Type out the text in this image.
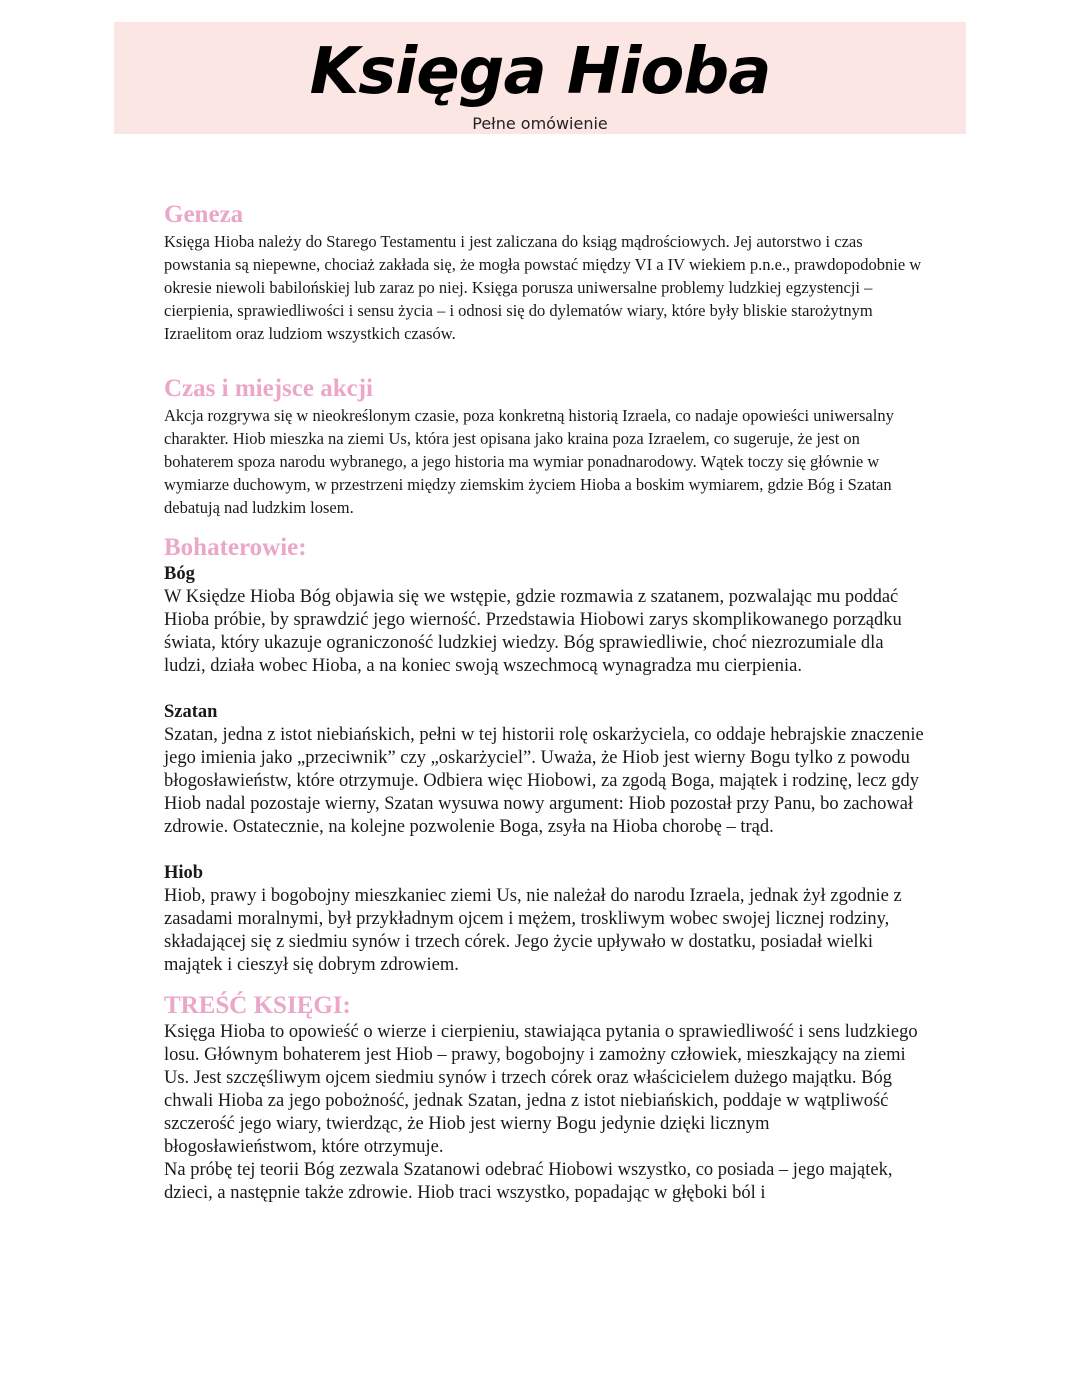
Księga Hioba
Pełne omówienie
Geneza

Księga Hioba należy do Starego Testamentu i jest zaliczana do ksiąg mądrościowych. Jej autorstwo i czas powstania są niepewne, chociaż zakłada się, że mogła powstać między VI a IV wiekiem p.n.e., prawdopodobnie w okresie niewoli babilońskiej lub zaraz po niej. Księga porusza uniwersalne problemy ludzkiej egzystencji – cierpienia, sprawiedliwości i sensu życia – i odnosi się do dylematów wiary, które były bliskie starożytnym Izraelitom oraz ludziom wszystkich czasów.

Czas i miejsce akcji

Akcja rozgrywa się w nieokreślonym czasie, poza konkretną historią Izraela, co nadaje opowieści uniwersalny charakter. Hiob mieszka na ziemi Us, która jest opisana jako kraina poza Izraelem, co sugeruje, że jest on bohaterem spoza narodu wybranego, a jego historia ma wymiar ponadnarodowy. Wątek toczy się głównie w wymiarze duchowym, w przestrzeni między ziemskim życiem Hioba a boskim wymiarem, gdzie Bóg i Szatan debatują nad ludzkim losem.

Bohaterowie:
Bóg

W Księdze Hioba Bóg objawia się we wstępie, gdzie rozmawia z szatanem, pozwalając mu poddać Hioba próbie, by sprawdzić jego wierność. Przedstawia Hiobowi zarys skomplikowanego porządku świata, który ukazuje ograniczoność ludzkiej wiedzy. Bóg sprawiedliwie, choć niezrozumiale dla ludzi, działa wobec Hioba, a na koniec swoją wszechmocą wynagradza mu cierpienia.

Szatan

Szatan, jedna z istot niebiańskich, pełni w tej historii rolę oskarżyciela, co oddaje hebrajskie znaczenie jego imienia jako „przeciwnik” czy „oskarżyciel”. Uważa, że Hiob jest wierny Bogu tylko z powodu błogosławieństw, które otrzymuje. Odbiera więc Hiobowi, za zgodą Boga, majątek i rodzinę, lecz gdy Hiob nadal pozostaje wierny, Szatan wysuwa nowy argument: Hiob pozostał przy Panu, bo zachował zdrowie. Ostatecznie, na kolejne pozwolenie Boga, zsyła na Hioba chorobę – trąd.

Hiob

Hiob, prawy i bogobojny mieszkaniec ziemi Us, nie należał do narodu Izraela, jednak żył zgodnie z zasadami moralnymi, był przykładnym ojcem i mężem, troskliwym wobec swojej licznej rodziny, składającej się z siedmiu synów i trzech córek. Jego życie upływało w dostatku, posiadał wielki majątek i cieszył się dobrym zdrowiem.

TREŚĆ KSIĘGI:

Księga Hioba to opowieść o wierze i cierpieniu, stawiająca pytania o sprawiedliwość i sens ludzkiego losu. Głównym bohaterem jest Hiob – prawy, bogobojny i zamożny człowiek, mieszkający na ziemi Us. Jest szczęśliwym ojcem siedmiu synów i trzech córek oraz właścicielem dużego majątku. Bóg chwali Hioba za jego pobożność, jednak Szatan, jedna z istot niebiańskich, poddaje w wątpliwość szczerość jego wiary, twierdząc, że Hiob jest wierny Bogu jedynie dzięki licznym błogosławieństwom, które otrzymuje.

Na próbę tej teorii Bóg zezwala Szatanowi odebrać Hiobowi wszystko, co posiada – jego majątek, dzieci, a następnie także zdrowie. Hiob traci wszystko, popadając w głęboki ból i
